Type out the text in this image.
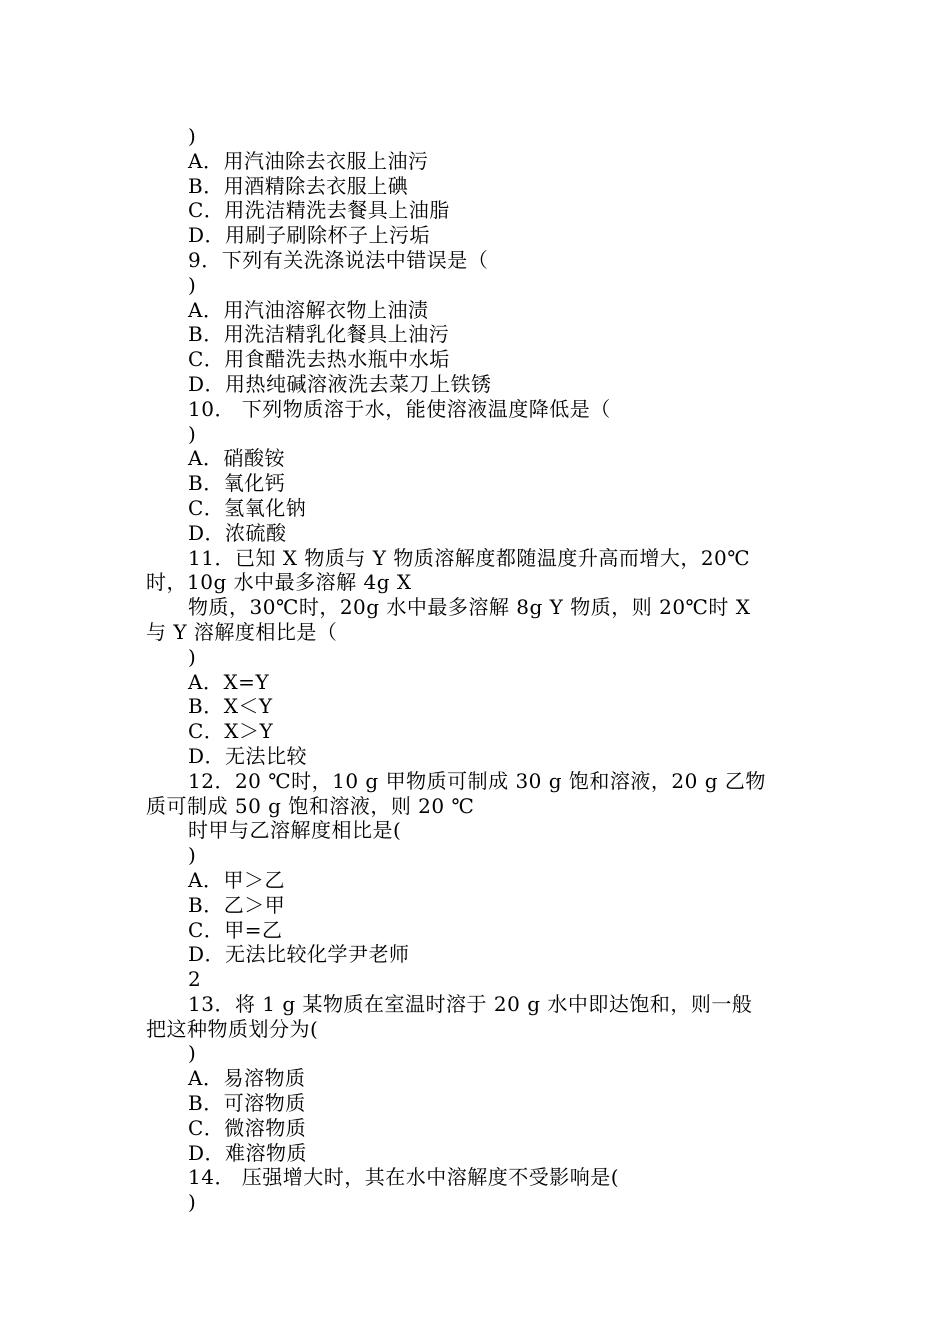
)
A．用汽油除去衣服上油污
B．用酒精除去衣服上碘
C．用洗洁精洗去餐具上油脂
D．用刷子刷除杯子上污垢
9．下列有关洗涤说法中错误是（
)
A．用汽油溶解衣物上油渍
B．用洗洁精乳化餐具上油污
C．用食醋洗去热水瓶中水垢
D．用热纯碱溶液洗去菜刀上铁锈
10． 下列物质溶于水，能使溶液温度降低是（
)
A．硝酸铵
B．氧化钙
C．氢氧化钠
D．浓硫酸
11．已知 X 物质与 Y 物质溶解度都随温度升高而增大，20℃
时，10g 水中最多溶解 4g X
物质，30℃时，20g 水中最多溶解 8g Y 物质，则 20℃时 X
与 Y 溶解度相比是（
)
A．X=Y
B．X＜Y
C．X＞Y
D．无法比较
12．20 ℃时，10 g 甲物质可制成 30 g 饱和溶液，20 g 乙物
质可制成 50 g 饱和溶液，则 20 ℃
时甲与乙溶解度相比是(
)
A．甲＞乙
B．乙＞甲
C．甲=乙
D．无法比较化学尹老师
2
13．将 1 g 某物质在室温时溶于 20 g 水中即达饱和，则一般
把这种物质划分为(
)
A．易溶物质
B．可溶物质
C．微溶物质
D．难溶物质
14． 压强增大时，其在水中溶解度不受影响是(
)
